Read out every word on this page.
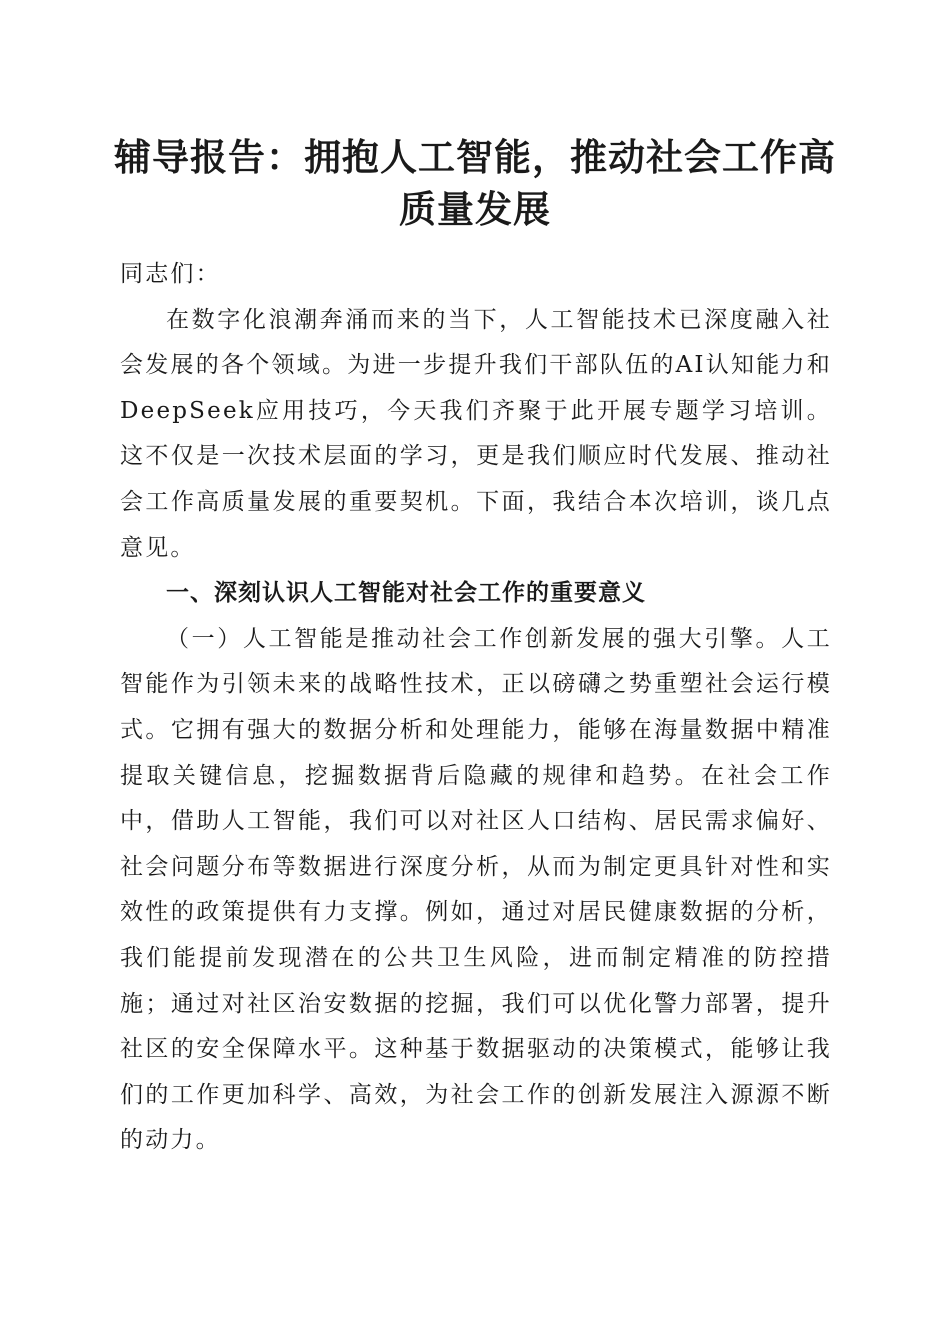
辅导报告：拥抱人工智能，推动社会工作高质量发展

同志们：

在数字化浪潮奔涌而来的当下，人工智能技术已深度融入社会发展的各个领域。为进一步提升我们干部队伍的AI认知能力和DeepSeek应用技巧，今天我们齐聚于此开展专题学习培训。这不仅是一次技术层面的学习，更是我们顺应时代发展、推动社会工作高质量发展的重要契机。下面，我结合本次培训，谈几点意见。

一、深刻认识人工智能对社会工作的重要意义

（一）人工智能是推动社会工作创新发展的强大引擎。人工智能作为引领未来的战略性技术，正以磅礴之势重塑社会运行模式。它拥有强大的数据分析和处理能力，能够在海量数据中精准提取关键信息，挖掘数据背后隐藏的规律和趋势。在社会工作中，借助人工智能，我们可以对社区人口结构、居民需求偏好、社会问题分布等数据进行深度分析，从而为制定更具针对性和实效性的政策提供有力支撑。例如，通过对居民健康数据的分析，我们能提前发现潜在的公共卫生风险，进而制定精准的防控措施；通过对社区治安数据的挖掘，我们可以优化警力部署，提升社区的安全保障水平。这种基于数据驱动的决策模式，能够让我们的工作更加科学、高效，为社会工作的创新发展注入源源不断的动力。
